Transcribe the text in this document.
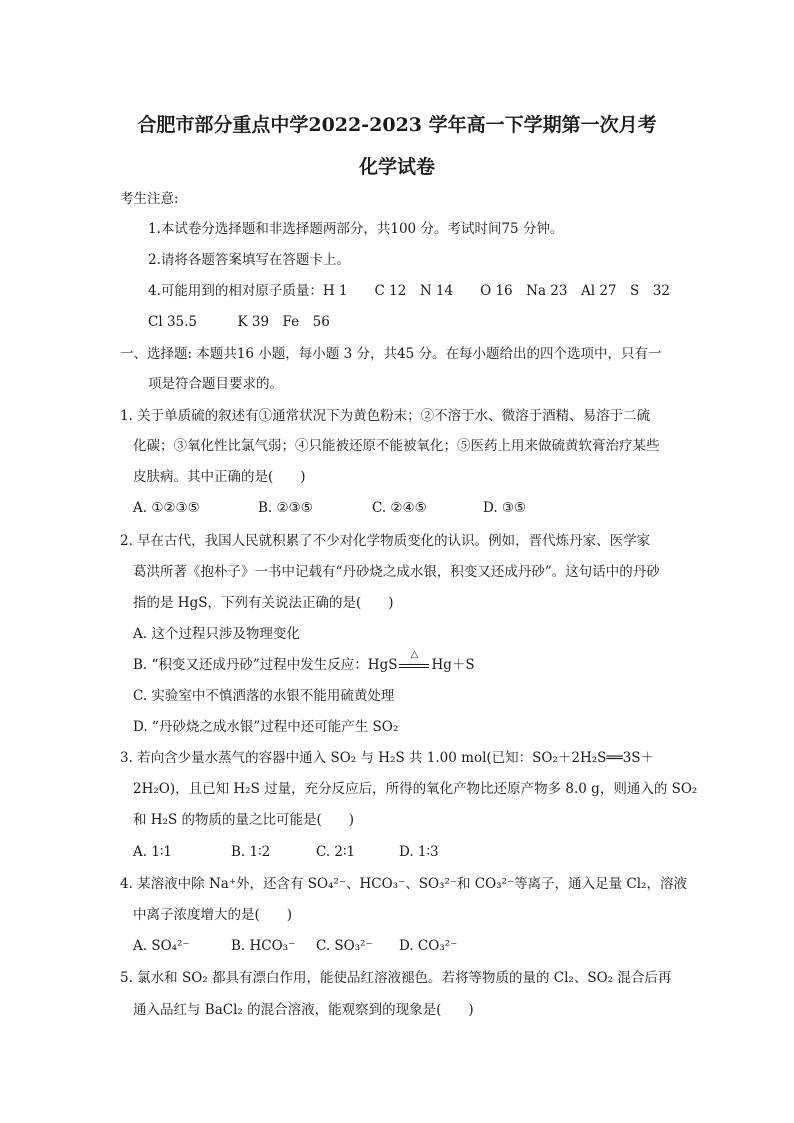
合肥市部分重点中学2022-2023 学年高一下学期第一次月考
化学试卷
考生注意:
1.本试卷分选择题和非选择题两部分，共100 分。考试时间75 分钟。
2.请将各题答案填写在答题卡上。
4.可能用到的相对原子质量：H 1　　C 12　N 14　　O 16　Na 23　Al 27　S　32
Cl 35.5　　　K 39　Fe　56
一、选择题: 本题共16 小题，每小题 3 分，共45 分。在每小题给出的四个选项中，只有一
项是符合题目要求的。
1. 关于单质硫的叙述有①通常状况下为黄色粉末；②不溶于水、微溶于酒精、易溶于二硫
化碳；③氧化性比氯气弱；④只能被还原不能被氧化；⑤医药上用来做硫黄软膏治疗某些
皮肤病。其中正确的是(　　)
A. ①②③⑤	B. ②③⑤	C. ②④⑤	D. ③⑤
2. 早在古代，我国人民就积累了不少对化学物质变化的认识。例如，晋代炼丹家、医学家
葛洪所著《抱朴子》一书中记载有“丹砂烧之成水银，积变又还成丹砂”。这句话中的丹砂
指的是 HgS，下列有关说法正确的是(　　)
A. 这个过程只涉及物理变化
B. “积变又还成丹砂”过程中发生反应：HgS
△
Hg＋S
C. 实验室中不慎洒落的水银不能用硫黄处理
D. “丹砂烧之成水银”过程中还可能产生 SO₂
3. 若向含少量水蒸气的容器中通入 SO₂ 与 H₂S 共 1.00 mol(已知：SO₂＋2H₂S══3S＋
2H₂O)，且已知 H₂S 过量，充分反应后，所得的氧化产物比还原产物多 8.0 g，则通入的 SO₂
和 H₂S 的物质的量之比可能是(　　)
A. 1∶1	B. 1∶2	C. 2∶1	D. 1∶3
4. 某溶液中除 Na⁺外，还含有 SO₄²⁻、HCO₃⁻、SO₃²⁻和 CO₃²⁻等离子，通入足量 Cl₂，溶液
中离子浓度增大的是(　　)
A. SO₄²⁻	B. HCO₃⁻ C. SO₃²⁻ D. CO₃²⁻
5. 氯水和 SO₂ 都具有漂白作用，能使品红溶液褪色。若将等物质的量的 Cl₂、SO₂ 混合后再
通入品红与 BaCl₂ 的混合溶液，能观察到的现象是(　　)
